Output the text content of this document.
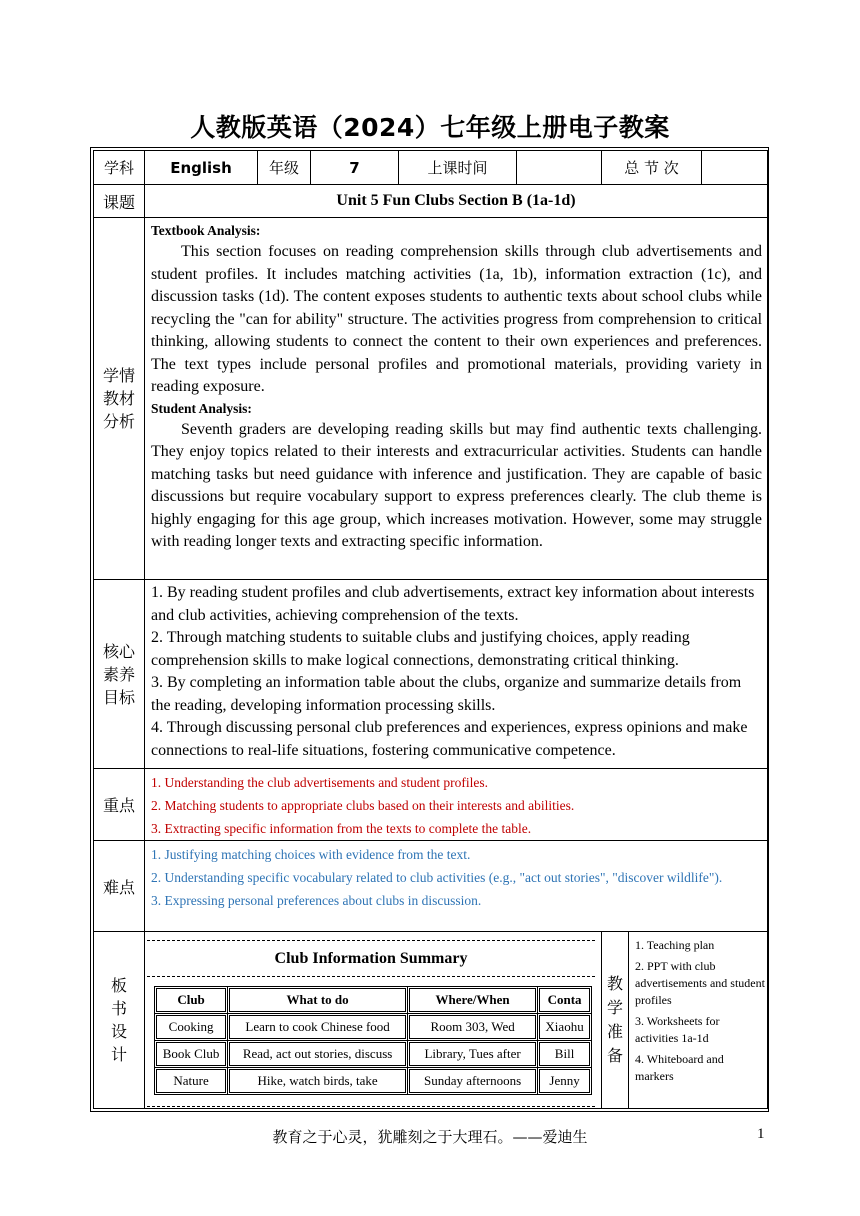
人教版英语（2024）七年级上册电子教案
学科	English	年级	7	上课时间		总 节 次	
课题	Unit 5 Fun Clubs Section B (1a-1d)

学情
教材
分析

Textbook Analysis:

This section focuses on reading comprehension skills through club advertisements and student profiles. It includes matching activities (1a, 1b), information extraction (1c), and discussion tasks (1d). The content exposes students to authentic texts about school clubs while recycling the "can for ability" structure. The activities progress from comprehension to critical thinking, allowing students to connect the content to their own experiences and preferences. The text types include personal profiles and promotional materials, providing variety in reading exposure.

Student Analysis:

Seventh graders are developing reading skills but may find authentic texts challenging. They enjoy topics related to their interests and extracurricular activities. Students can handle matching tasks but need guidance with inference and justification. They are capable of basic discussions but require vocabulary support to express preferences clearly. The club theme is highly engaging for this age group, which increases motivation. However, some may struggle with reading longer texts and extracting specific information.

核心
素养
目标

1. By reading student profiles and club advertisements, extract key information about interests and club activities, achieving comprehension of the texts.

2. Through matching students to suitable clubs and justifying choices, apply reading comprehension skills to make logical connections, demonstrating critical thinking.

3. By completing an information table about the clubs, organize and summarize details from the reading, developing information processing skills.

4. Through discussing personal club preferences and experiences, express opinions and make connections to real-life situations, fostering communicative competence.

重点	

1. Understanding the club advertisements and student profiles.

2. Matching students to appropriate clubs based on their interests and abilities.

3. Extracting specific information from the texts to complete the table.

难点	

1. Justifying matching choices with evidence from the text.

2. Understanding specific vocabulary related to club activities (e.g., "act out stories", "discover wildlife").

3. Expressing personal preferences about clubs in discussion.

板
书
设
计

Club Information Summary
Club	What to do	Where/When	Conta
Cooking	Learn to cook Chinese food	Room 303, Wed	Xiaohu
Book Club	Read, act out stories, discuss	Library, Tues after	Bill
Nature	Hike, watch birds, take	Sunday afternoons	Jenny

教
学
准
备

1. Teaching plan

2. PPT with club advertisements and student profiles

3. Worksheets for activities 1a-1d

4. Whiteboard and markers

教育之于心灵，犹雕刻之于大理石。——爱迪生	1
